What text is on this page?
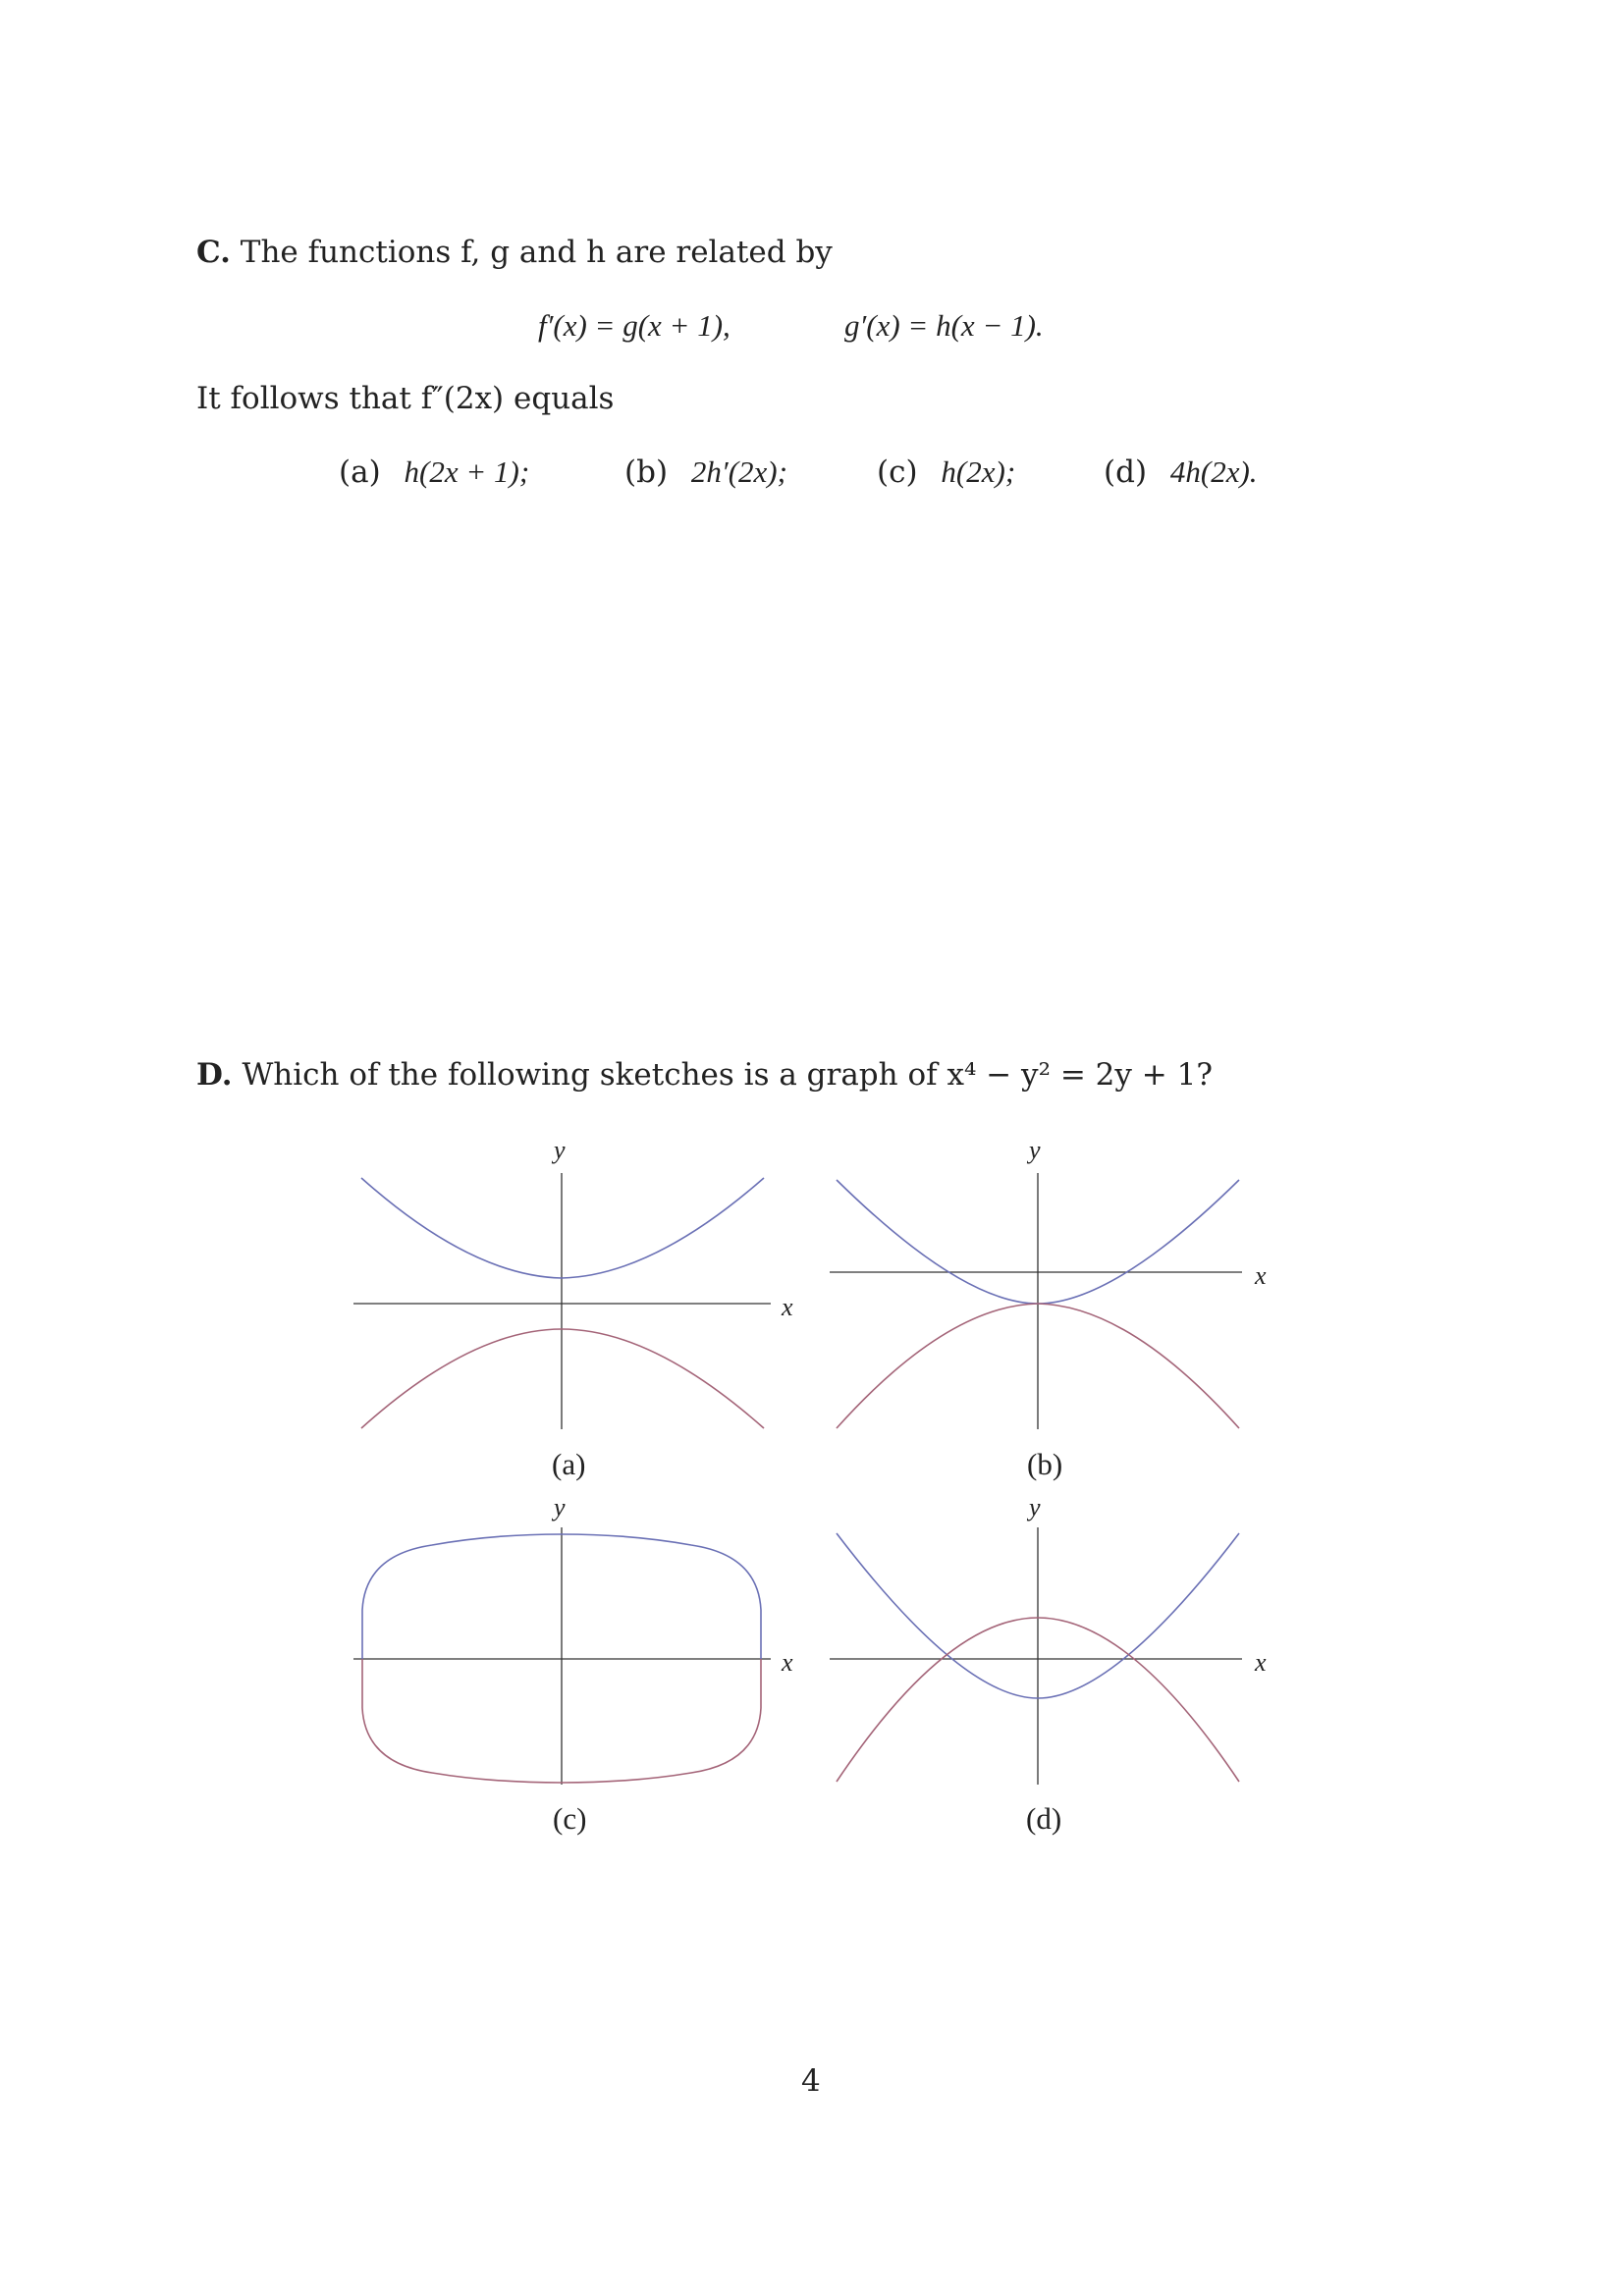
C. The functions f, g and h are related by
f′(x) = g(x + 1),	g′(x) = h(x − 1).
It follows that f″(2x) equals
(a) h(2x + 1);	(b) 2h′(2x);	(c) h(2x);	(d) 4h(2x).
D. Which of the following sketches is a graph of x⁴ − y² = 2y + 1?
y
x
(a)
y
x
(b)
y
x
(c)
y
x
(d)
4
